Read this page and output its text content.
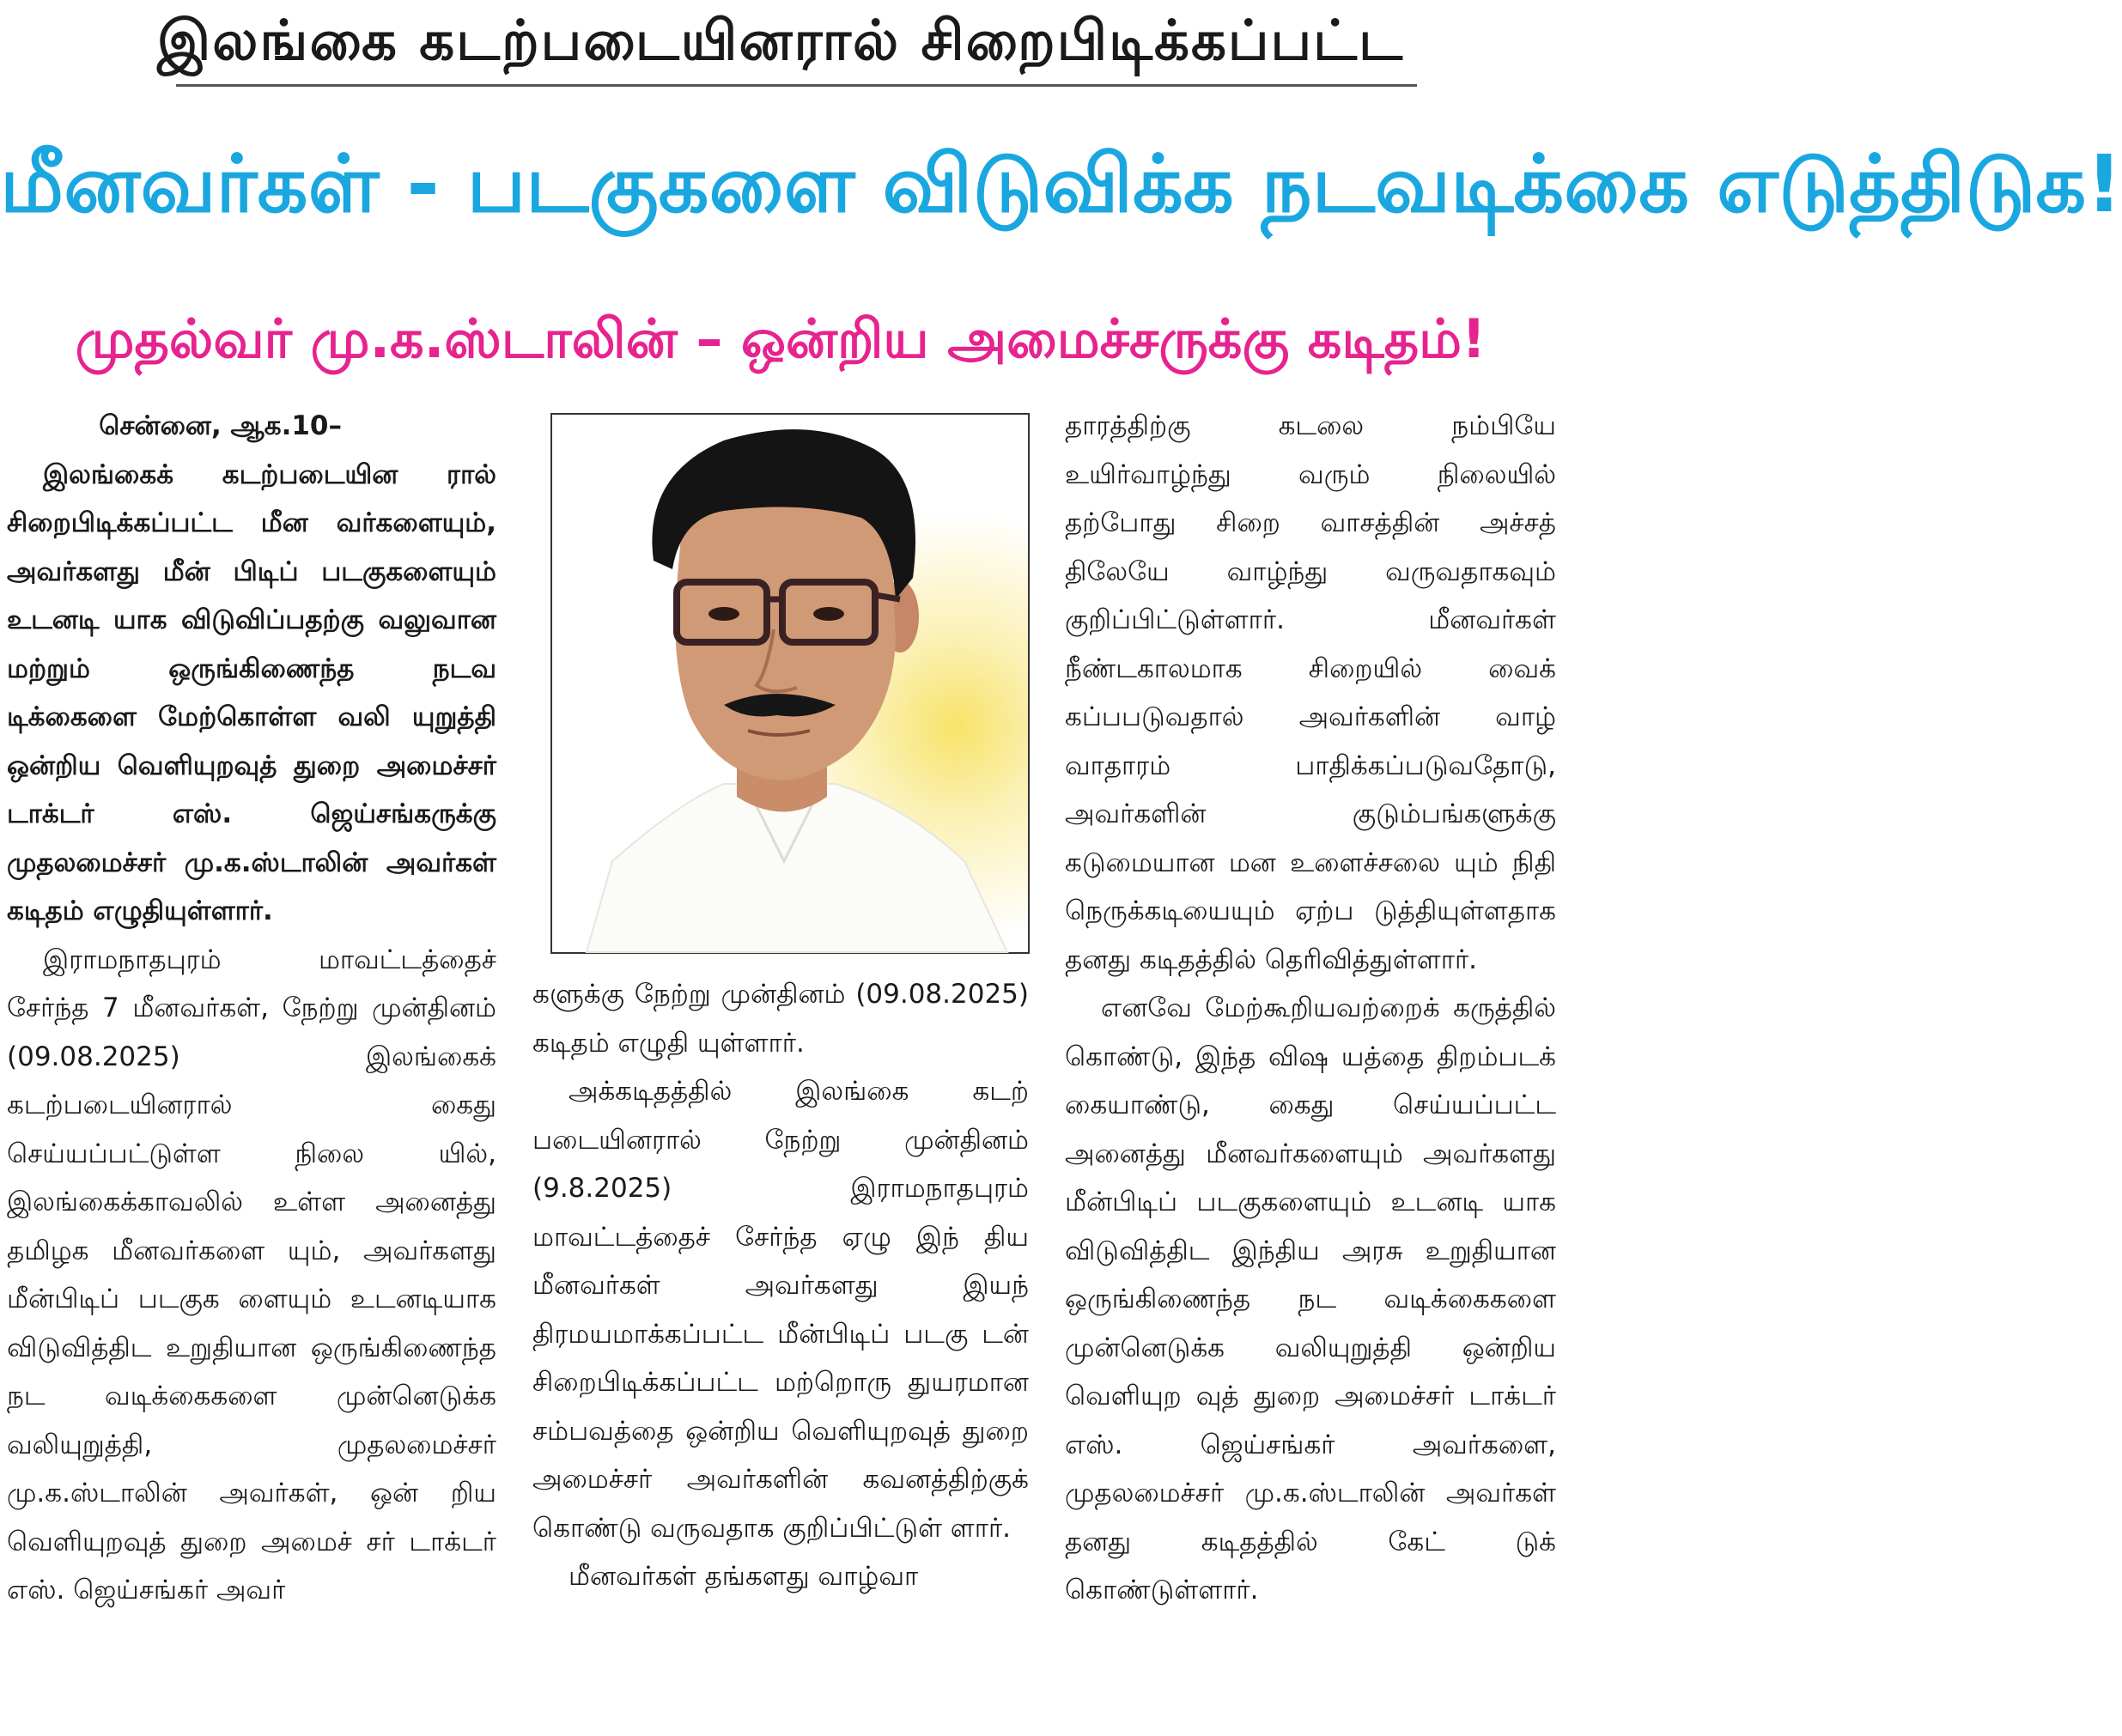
இலங்கை கடற்படையினரால் சிறைபிடிக்கப்பட்ட
மீனவர்கள் - படகுகளை விடுவிக்க நடவடிக்கை எடுத்திடுக!
முதல்வர் மு.க.ஸ்டாலின் – ஒன்றிய அமைச்சருக்கு கடிதம்!
சென்னை, ஆக.10–

இலங்கைக் கடற்படையின ரால் சிறைபிடிக்கப்பட்ட மீன வர்களையும், அவர்களது மீன் பிடிப் படகுகளையும் உடனடி யாக விடுவிப்பதற்கு வலுவான மற்றும் ஒருங்கிணைந்த நடவ டிக்கைளை மேற்கொள்ள வலி யுறுத்தி ஒன்றிய வெளியுறவுத் துறை அமைச்சர் டாக்டர் எஸ். ஜெய்சங்கருக்கு முதலமைச்சர் மு.க.ஸ்டாலின் அவர்கள் கடிதம் எழுதியுள்ளார்.

இராமநாதபுரம் மாவட்டத்தைச் சேர்ந்த 7 மீனவர்கள், நேற்று முன்தினம் (09.08.2025) இலங்கைக் கடற்படையினரால் கைது செய்யப்பட்டுள்ள நிலை யில், இலங்கைக்காவலில் உள்ள அனைத்து தமிழக மீனவர்களை யும், அவர்களது மீன்பிடிப் படகுக ளையும் உடனடியாக விடுவித்திட உறுதியான ஒருங்கிணைந்த நட வடிக்கைகளை முன்னெடுக்க வலியுறுத்தி, முதலமைச்சர் மு.க.ஸ்டாலின் அவர்கள், ஒன் றிய வெளியுறவுத் துறை அமைச் சர் டாக்டர் எஸ். ஜெய்சங்கர் அவர்

களுக்கு நேற்று முன்தினம் (09.08.2025) கடிதம் எழுதி யுள்ளார்.

அக்கடிதத்தில் இலங்கை கடற் படையினரால் நேற்று முன்தினம் (9.8.2025) இராமநாதபுரம் மாவட்டத்தைச் சேர்ந்த ஏழு இந் திய மீனவர்கள் அவர்களது இயந் திரமயமாக்கப்பட்ட மீன்பிடிப் படகு டன் சிறைபிடிக்கப்பட்ட மற்றொரு துயரமான சம்பவத்தை ஒன்றிய வெளியுறவுத் துறை அமைச்சர் அவர்களின் கவனத்திற்குக் கொண்டு வருவதாக குறிப்பிட்டுள் ளார்.

மீனவர்கள் தங்களது வாழ்வா

தாரத்திற்கு கடலை நம்பியே உயிர்வாழ்ந்து வரும் நிலையில் தற்போது சிறை வாசத்தின் அச்சத் திலேயே வாழ்ந்து வருவதாகவும் குறிப்பிட்டுள்ளார். மீனவர்கள் நீண்டகாலமாக சிறையில் வைக் கப்பபடுவதால் அவர்களின் வாழ் வாதாரம் பாதிக்கப்படுவதோடு, அவர்களின் குடும்பங்களுக்கு கடுமையான மன உளைச்சலை யும் நிதி நெருக்கடியையும் ஏற்ப டுத்தியுள்ளதாக தனது கடிதத்தில் தெரிவித்துள்ளார்.

எனவே மேற்கூறியவற்றைக் கருத்தில் கொண்டு, இந்த விஷ யத்தை திறம்படக் கையாண்டு, கைது செய்யப்பட்ட அனைத்து மீனவர்களையும் அவர்களது மீன்பிடிப் படகுகளையும் உடனடி யாக விடுவித்திட இந்திய அரசு உறுதியான ஒருங்கிணைந்த நட வடிக்கைகளை முன்னெடுக்க வலியுறுத்தி ஒன்றிய வெளியுற வுத் துறை அமைச்சர் டாக்டர் எஸ். ஜெய்சங்கர் அவர்களை, முதலமைச்சர் மு.க.ஸ்டாலின் அவர்கள் தனது கடிதத்தில் கேட் டுக் கொண்டுள்ளார்.
